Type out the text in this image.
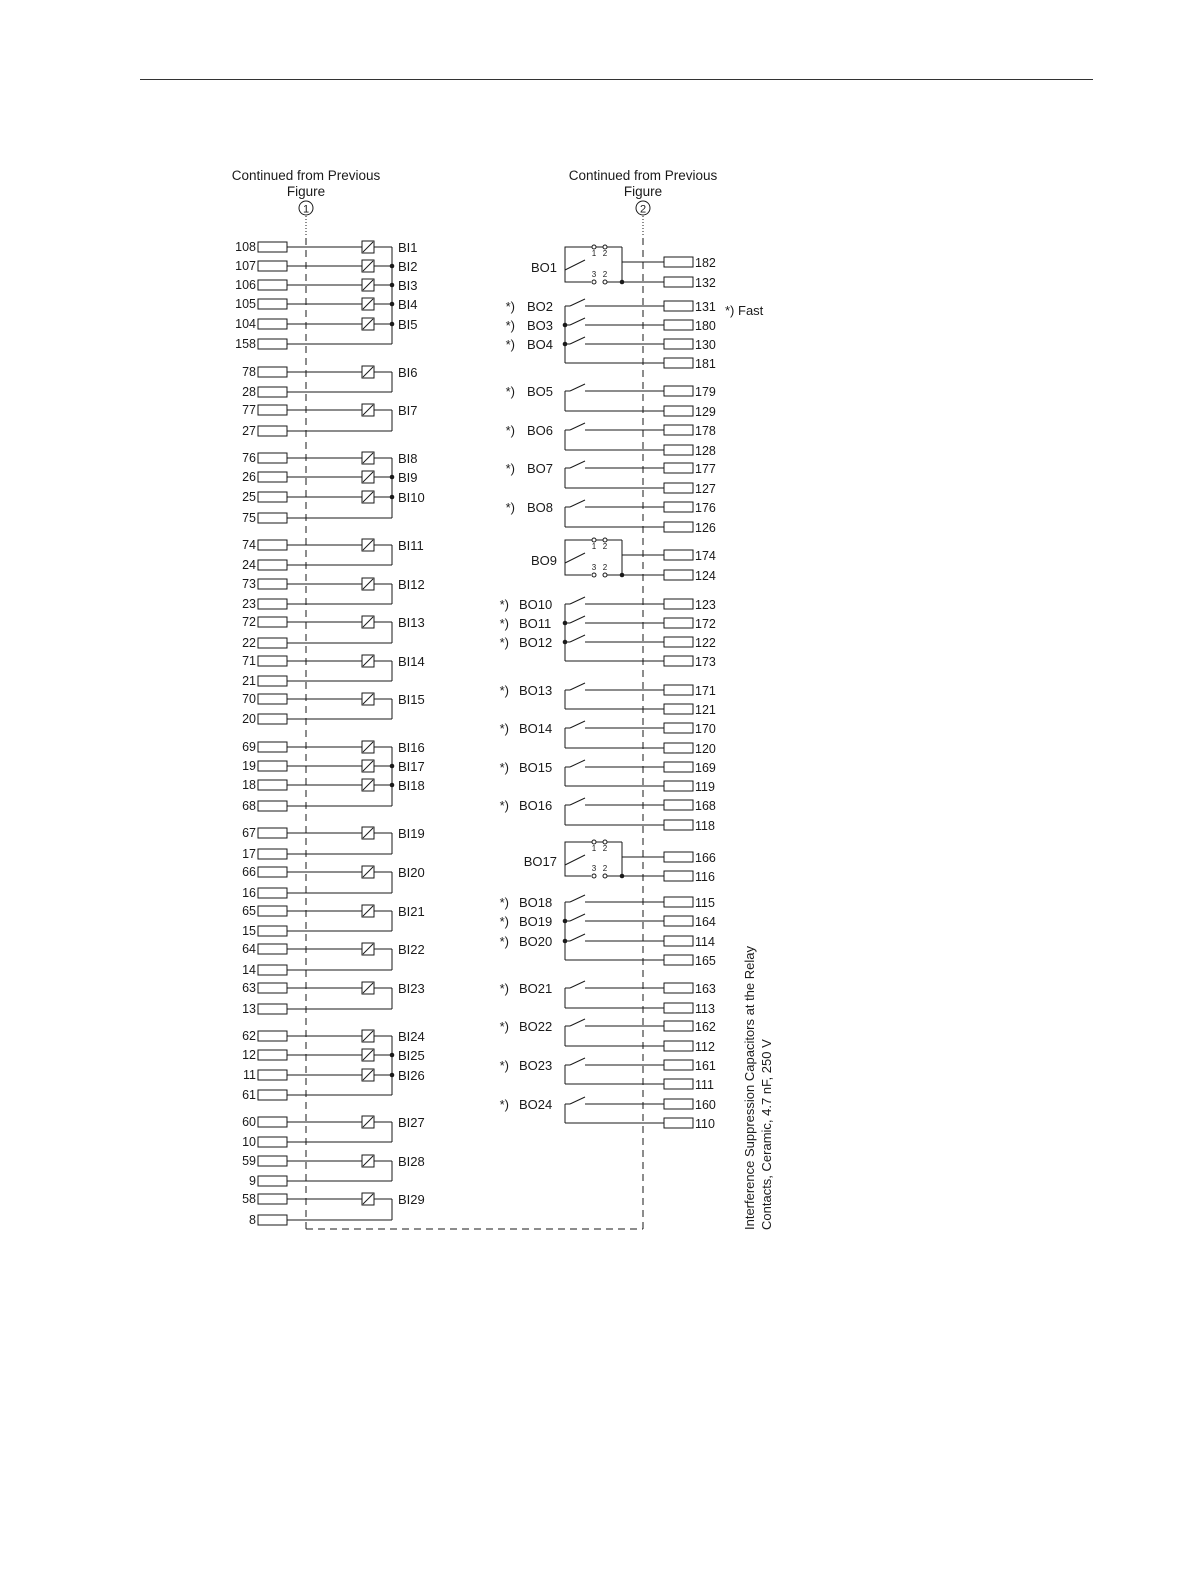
Continued from Previous
Figure
1
Continued from Previous
Figure
2
*) Fast
Interference Suppression Capacitors at the Relay Contacts, Ceramic, 4.7 nF, 250 V
108	BI1
107	BI2
106	BI3
105	BI4
104	BI5
158
78	BI6
28
77	BI7
27
76	BI8
26	BI9
25	BI10
75
74	BI11
24
73	BI12
23
72	BI13
22
71	BI14
21
70	BI15
20
69	BI16
19	BI17
18	BI18
68
67	BI19
17
66	BI20
16
65	BI21
15
64	BI22
14
63	BI23
13
62	BI24
12	BI25
11	BI26
61
60	BI27
10
59	BI28
9
58	BI29
8
BO1	182
132
1 2
3 2
*) BO2	131
*) BO3	180
*) BO4	130
181
*) BO5	179
129
*) BO6	178
128
*) BO7	177
127
*) BO8	176
126
BO9	174
124
1 2
3 2
*) BO10	123
*) BO11	172
*) BO12	122
173
*) BO13	171
121
*) BO14	170
120
*) BO15	169
119
*) BO16	168
118
BO17	166
116
1 2
3 2
*) BO18	115
*) BO19	164
*) BO20	114
165
*) BO21	163
113
*) BO22	162
112
*) BO23	161
111
*) BO24	160
110
